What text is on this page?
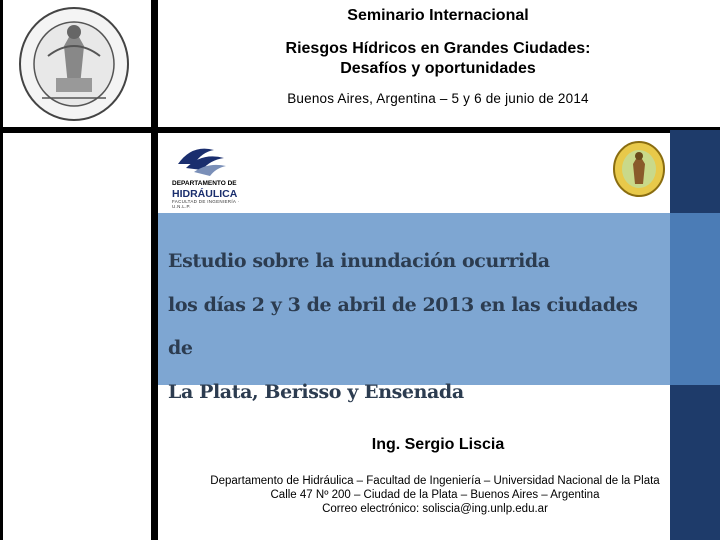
Seminario Internacional
Riesgos Hídricos en Grandes Ciudades:
Desafíos y oportunidades
Buenos Aires, Argentina – 5 y 6 de junio de 2014
DEPARTAMENTO DE
HIDRÁULICA
FACULTAD DE INGENIERÍA · U.N.L.P.
Estudio sobre la inundación ocurrida
los días 2 y 3 de abril de 2013 en las ciudades de
La Plata, Berisso y Ensenada
Ing. Sergio Liscia
Departamento de Hidráulica – Facultad de Ingeniería – Universidad Nacional de la Plata
Calle 47 Nº 200 – Ciudad de la Plata – Buenos Aires – Argentina
Correo electrónico: soliscia@ing.unlp.edu.ar
